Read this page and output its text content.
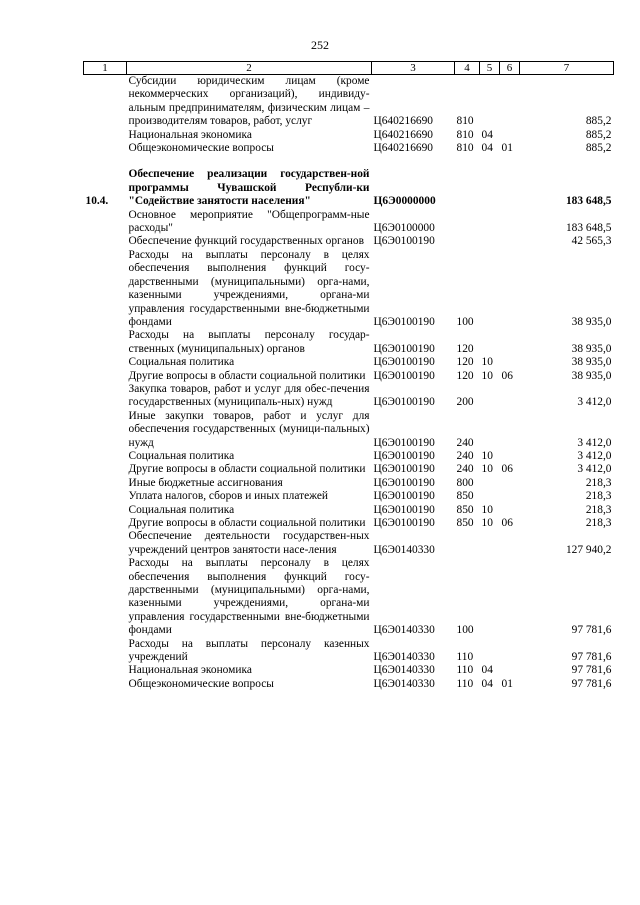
252
1	2	3	4	5	6	7
	Субсидии юридическим лицам (кроме некоммерческих организаций), индивиду-альным предпринимателям, физическим лицам – производителям товаров, работ, услуг	Ц640216690	810			885,2
	Национальная экономика	Ц640216690	810	04		885,2
	Общеэкономические вопросы	Ц640216690	810	04	01	885,2

10.4.	Обеспечение реализации государствен-ной программы Чувашской Республи-ки "Содействие занятости населения"	Ц6Э0000000				183 648,5
	Основное мероприятие "Общепрограмм-ные расходы"	Ц6Э0100000				183 648,5
	Обеспечение функций государственных органов	Ц6Э0100190				42 565,3
	Расходы на выплаты персоналу в целях обеспечения выполнения функций госу-дарственными (муниципальными) орга-нами, казенными учреждениями, органа-ми управления государственными вне-бюджетными фондами	Ц6Э0100190	100			38 935,0
	Расходы на выплаты персоналу государ-ственных (муниципальных) органов	Ц6Э0100190	120			38 935,0
	Социальная политика	Ц6Э0100190	120	10		38 935,0
	Другие вопросы в области социальной политики	Ц6Э0100190	120	10	06	38 935,0
	Закупка товаров, работ и услуг для обес-печения государственных (муниципаль-ных) нужд	Ц6Э0100190	200			3 412,0
	Иные закупки товаров, работ и услуг для обеспечения государственных (муници-пальных) нужд	Ц6Э0100190	240			3 412,0
	Социальная политика	Ц6Э0100190	240	10		3 412,0
	Другие вопросы в области социальной политики	Ц6Э0100190	240	10	06	3 412,0
	Иные бюджетные ассигнования	Ц6Э0100190	800			218,3
	Уплата налогов, сборов и иных платежей	Ц6Э0100190	850			218,3
	Социальная политика	Ц6Э0100190	850	10		218,3
	Другие вопросы в области социальной политики	Ц6Э0100190	850	10	06	218,3
	Обеспечение деятельности государствен-ных учреждений центров занятости насе-ления	Ц6Э0140330				127 940,2
	Расходы на выплаты персоналу в целях обеспечения выполнения функций госу-дарственными (муниципальными) орга-нами, казенными учреждениями, органа-ми управления государственными вне-бюджетными фондами	Ц6Э0140330	100			97 781,6
	Расходы на выплаты персоналу казенных учреждений	Ц6Э0140330	110			97 781,6
	Национальная экономика	Ц6Э0140330	110	04		97 781,6
	Общеэкономические вопросы	Ц6Э0140330	110	04	01	97 781,6
